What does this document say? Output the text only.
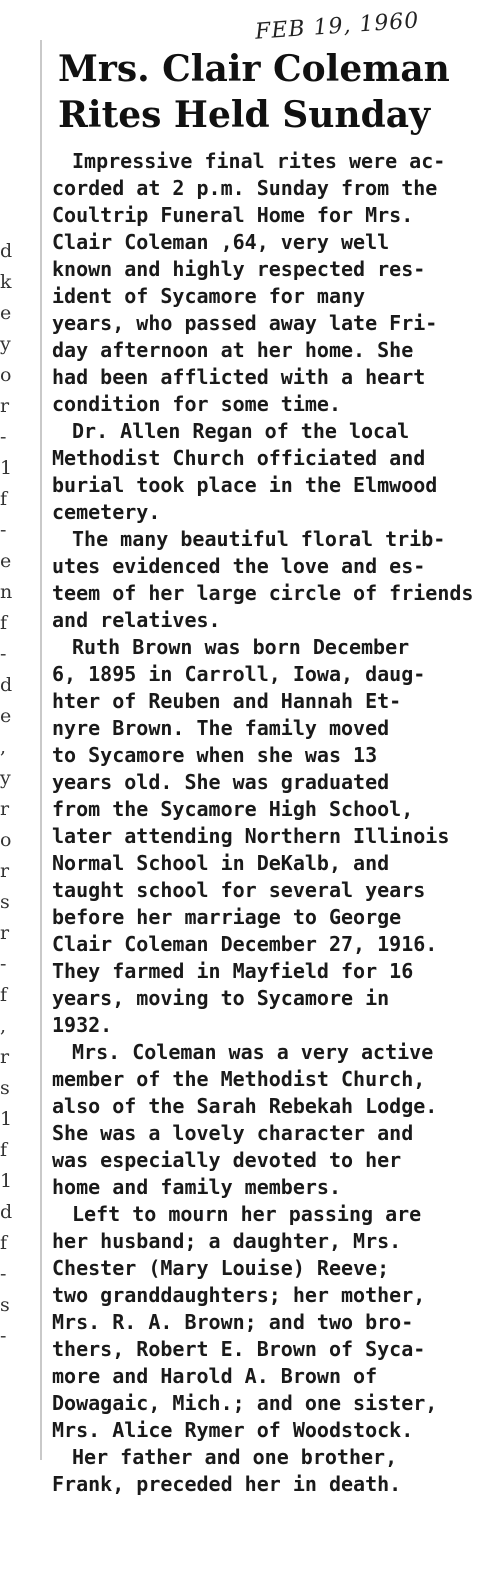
FEB 19, 1960
d
k
e
y
o
r
-
1
f
-
e
n
f
-
d
e
,
y
r
o
r
s
r
-
f
,
r
s
1
f
1
d
f
-
s
-
Mrs. Clair Coleman
Rites Held Sunday
Impressive final rites were ac-
corded at 2 p.m. Sunday from the
Coultrip Funeral Home for Mrs.
Clair Coleman ,64, very well
known and highly respected res-
ident of Sycamore for many
years, who passed away late Fri-
day afternoon at her home. She
had been afflicted with a heart
condition for some time.
Dr. Allen Regan of the local
Methodist Church officiated and
burial took place in the Elmwood
cemetery.
The many beautiful floral trib-
utes evidenced the love and es-
teem of her large circle of friends
and relatives.
Ruth Brown was born December
6, 1895 in Carroll, Iowa, daug-
hter of Reuben and Hannah Et-
nyre Brown. The family moved
to Sycamore when she was 13
years old. She was graduated
from the Sycamore High School,
later attending Northern Illinois
Normal School in DeKalb, and
taught school for several years
before her marriage to George
Clair Coleman December 27, 1916.
They farmed in Mayfield for 16
years, moving to Sycamore in
1932.
Mrs. Coleman was a very active
member of the Methodist Church,
also of the Sarah Rebekah Lodge.
She was a lovely character and
was especially devoted to her
home and family members.
Left to mourn her passing are
her husband; a daughter, Mrs.
Chester (Mary Louise) Reeve;
two granddaughters; her mother,
Mrs. R. A. Brown; and two bro-
thers, Robert E. Brown of Syca-
more and Harold A. Brown of
Dowagaic, Mich.; and one sister,
Mrs. Alice Rymer of Woodstock.
Her father and one brother,
Frank, preceded her in death.
